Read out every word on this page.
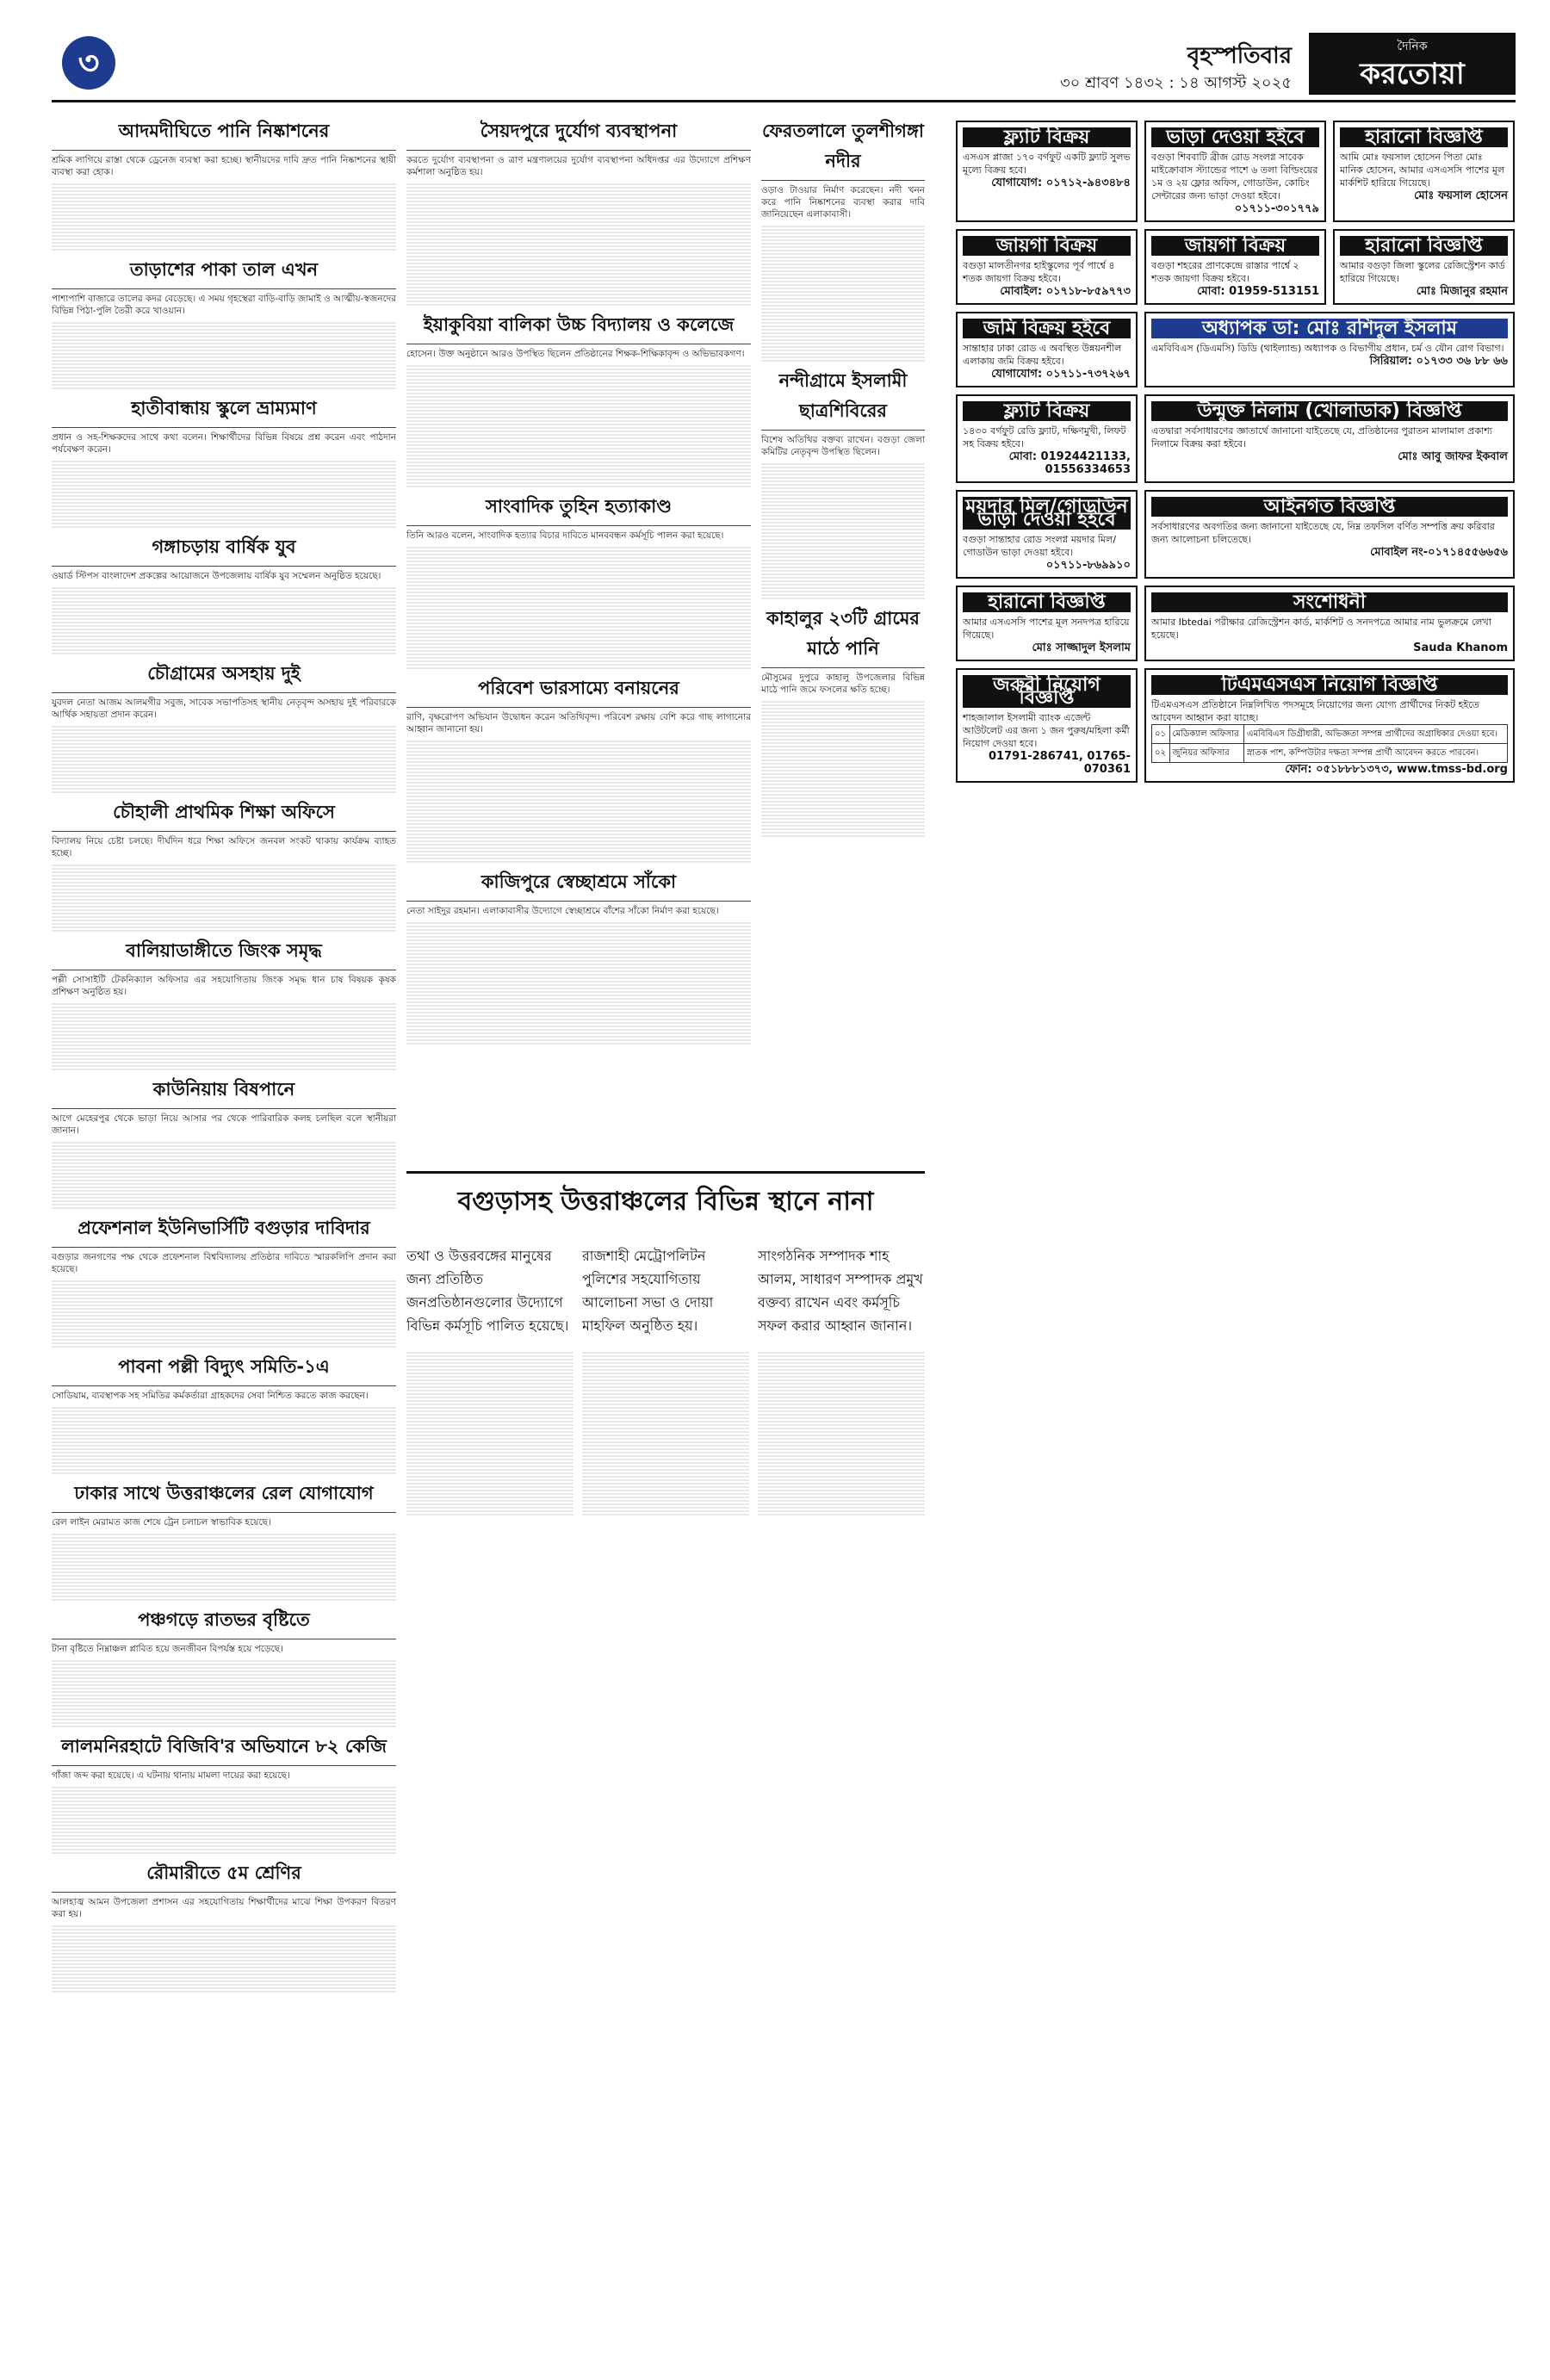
৩	বৃহস্পতিবার
৩০ শ্রাবণ ১৪৩২ : ১৪ আগস্ট ২০২৫
দৈনিক
করতোয়া
আদমদীঘিতে পানি নিষ্কাশনের

শ্রমিক লাগিয়ে রাস্তা থেকে ড্রেনেজ ব্যবস্থা করা হচ্ছে। স্থানীয়দের দাবি দ্রুত পানি নিষ্কাশনের স্থায়ী ব্যবস্থা করা হোক।

তাড়াশের পাকা তাল এখন

পাশাপাশি বাজারে তালের কদর বেড়েছে। এ সময় গৃহস্থেরা বাড়ি-বাড়ি জামাই ও আত্মীয়-স্বজনদের বিভিন্ন পিঠা-পুলি তৈরী করে খাওয়ান।

হাতীবান্ধায় স্কুলে ভ্রাম্যমাণ

প্রধান ও সহ-শিক্ষকদের সাথে কথা বলেন। শিক্ষার্থীদের বিভিন্ন বিষয়ে প্রশ্ন করেন এবং পাঠদান পর্যবেক্ষণ করেন।

গঙ্গাচড়ায় বার্ষিক যুব

ওয়ার্ড স্টিপস বাংলাদেশ প্রকল্পের আয়োজনে উপজেলায় বার্ষিক যুব সম্মেলন অনুষ্ঠিত হয়েছে।

চৌগ্রামের অসহায় দুই

যুবদল নেতা আজম আলমগীর সবুজ, সাবেক সভাপতিসহ স্থানীয় নেতৃবৃন্দ অসহায় দুই পরিবারকে আর্থিক সহায়তা প্রদান করেন।

চৌহালী প্রাথমিক শিক্ষা অফিসে

বিদ্যালয় নিয়ে চেষ্টা চলছে। দীর্ঘদিন ধরে শিক্ষা অফিসে জনবল সংকট থাকায় কার্যক্রম ব্যাহত হচ্ছে।

বালিয়াডাঙ্গীতে জিংক সমৃদ্ধ

পল্লী সোসাইটি টেকনিক্যাল অফিসার এর সহযোগিতায় জিংক সমৃদ্ধ ধান চাষ বিষয়ক কৃষক প্রশিক্ষণ অনুষ্ঠিত হয়।

কাউনিয়ায় বিষপানে

আগে মেহেরপুর থেকে ভাড়া নিয়ে আসার পর থেকে পারিবারিক কলহ চলছিল বলে স্থানীয়রা জানান।

প্রফেশনাল ইউনিভার্সিটি বগুড়ার দাবিদার

বগুড়ার জনগণের পক্ষ থেকে প্রফেশনাল বিশ্ববিদ্যালয় প্রতিষ্ঠার দাবিতে স্মারকলিপি প্রদান করা হয়েছে।

পাবনা পল্লী বিদ্যুৎ সমিতি-১এ

সোডিয়াম, ব্যবস্থাপক সহ সমিতির কর্মকর্তারা গ্রাহকদের সেবা নিশ্চিত করতে কাজ করছেন।

ঢাকার সাথে উত্তরাঞ্চলের রেল যোগাযোগ

রেল লাইন মেরামত কাজ শেষে ট্রেন চলাচল স্বাভাবিক হয়েছে।

পঞ্চগড়ে রাতভর বৃষ্টিতে

টানা বৃষ্টিতে নিম্নাঞ্চল প্লাবিত হয়ে জনজীবন বিপর্যস্ত হয়ে পড়েছে।

লালমনিরহাটে বিজিবি'র অভিযানে ৮২ কেজি

গাঁজা জব্দ করা হয়েছে। এ ঘটনায় থানায় মামলা দায়ের করা হয়েছে।

রৌমারীতে ৫ম শ্রেণির

আলহাজ্ব আমন উপজেলা প্রশাসন এর সহযোগিতায় শিক্ষার্থীদের মাঝে শিক্ষা উপকরণ বিতরণ করা হয়।

সৈয়দপুরে দুর্যোগ ব্যবস্থাপনা

করতে দুর্যোগ ব্যবস্থাপনা ও ত্রাণ মন্ত্রণালয়ের দুর্যোগ ব্যবস্থাপনা অধিদপ্তর এর উদ্যোগে প্রশিক্ষণ কর্মশালা অনুষ্ঠিত হয়।

ইয়াকুবিয়া বালিকা উচ্চ বিদ্যালয় ও কলেজে

হোসেন। উক্ত অনুষ্ঠানে আরও উপস্থিত ছিলেন প্রতিষ্ঠানের শিক্ষক-শিক্ষিকাবৃন্দ ও অভিভাবকগণ।

সাংবাদিক তুহিন হত্যাকাণ্ড

তিনি আরও বলেন, সাংবাদিক হত্যার বিচার দাবিতে মানববন্ধন কর্মসূচি পালন করা হয়েছে।

পরিবেশ ভারসাম্যে বনায়নের

রাণি, বৃক্ষরোপণ অভিযান উদ্বোধন করেন অতিথিবৃন্দ। পরিবেশ রক্ষায় বেশি করে গাছ লাগানোর আহ্বান জানানো হয়।

কাজিপুরে স্বেচ্ছাশ্রমে সাঁকো

নেতা সাইদুর রহমান। এলাকাবাসীর উদ্যোগে স্বেচ্ছাশ্রমে বাঁশের সাঁকো নির্মাণ করা হয়েছে।

ফেরতলালে তুলশীগঙ্গা নদীর

ওড়াও টাওয়ার নির্মাণ করেছেন। নদী খনন করে পানি নিষ্কাশনের ব্যবস্থা করার দাবি জানিয়েছেন এলাকাবাসী।

নন্দীগ্রামে ইসলামী ছাত্রশিবিরের

বিশেষ অতিথির বক্তব্য রাখেন। বগুড়া জেলা কমিটির নেতৃবৃন্দ উপস্থিত ছিলেন।

কাহালুর ২৩টি গ্রামের মাঠে পানি

মৌসুমের দুপুরে কাহালু উপজেলার বিভিন্ন মাঠে পানি জমে ফসলের ক্ষতি হচ্ছে।

বগুড়াসহ উত্তরাঞ্চলের বিভিন্ন স্থানে নানা

তথা ও উত্তরবঙ্গের মানুষের জন্য প্রতিষ্ঠিত জনপ্রতিষ্ঠানগুলোর উদ্যোগে বিভিন্ন কর্মসূচি পালিত হয়েছে।

রাজশাহী মেট্রোপলিটন পুলিশের সহযোগিতায় আলোচনা সভা ও দোয়া মাহফিল অনুষ্ঠিত হয়।

সাংগঠনিক সম্পাদক শাহ আলম, সাধারণ সম্পাদক প্রমুখ বক্তব্য রাখেন এবং কর্মসূচি সফল করার আহ্বান জানান।

ফ্ল্যাট বিক্রয়
এসএস প্লাজা ১৭০ বর্গফুট একটি ফ্ল্যাট সুলভ মূল্যে বিক্রয় হবে।
যোগাযোগ: ০১৭১২-৯৪৩৪৮৪
ভাড়া দেওয়া হইবে
বগুড়া শিববাটি ব্রীজ রোড সংলগ্ন সাবেক মাইক্রোবাস স্ট্যান্ডের পাশে ৬ তলা বিল্ডিংয়ের ১ম ও ২য় ফ্লোর অফিস, গোডাউন, কোচিং সেন্টারের জন্য ভাড়া দেওয়া হইবে।
০১৭১১-৩০১৭৭৯
হারানো বিজ্ঞপ্তি
আমি মোঃ ফয়সাল হোসেন পিতা মোঃ মানিক হোসেন, আমার এসএসসি পাশের মূল মার্কশিট হারিয়ে গিয়েছে।
মোঃ ফয়সাল হোসেন
জায়গা বিক্রয়
বগুড়া মালতীনগর হাইস্কুলের পূর্ব পার্শ্বে ৪ শতক জায়গা বিক্রয় হইবে।
মোবাইল: ০১৭১৮-৮৫৯৭৭৩
জায়গা বিক্রয়
বগুড়া শহরের প্রাণকেন্দ্রে রাস্তার পার্শ্বে ২ শতক জায়গা বিক্রয় হইবে।
মোবা: 01959-513151
হারানো বিজ্ঞপ্তি
আমার বগুড়া জিলা স্কুলের রেজিস্ট্রেশন কার্ড হারিয়ে গিয়েছে।
মোঃ মিজানুর রহমান
জমি বিক্রয় হইবে
সান্তাহার ঢাকা রোড এ অবস্থিত উন্নয়নশীল এলাকায় জমি বিক্রয় হইবে।
যোগাযোগ: ০১৭১১-৭৩৭২৬৭
অধ্যাপক ডা: মোঃ রশিদুল ইসলাম
এমবিবিএস (ডিএমসি) ডিডি (থাইল্যান্ড) অধ্যাপক ও বিভাগীয় প্রধান, চর্ম ও যৌন রোগ বিভাগ।
সিরিয়াল: ০১৭৩৩ ৩৬ ৮৮ ৬৬
ফ্ল্যাট বিক্রয়
১৪৩০ বর্গফুট রেডি ফ্ল্যাট, দক্ষিণমুখী, লিফট সহ বিক্রয় হইবে।
মোবা: 01924421133, 01556334653
উন্মুক্ত নিলাম (খোলাডাক) বিজ্ঞপ্তি
এতদ্বারা সর্বসাধারণের জ্ঞাতার্থে জানানো যাইতেছে যে, প্রতিষ্ঠানের পুরাতন মালামাল প্রকাশ্য নিলামে বিক্রয় করা হইবে।
মোঃ আবু জাফর ইকবাল
ময়দার মিল/গোডাউন ভাড়া দেওয়া হইবে
বগুড়া সান্তাহার রোড সংলগ্ন ময়দার মিল/গোডাউন ভাড়া দেওয়া হইবে।
০১৭১১-৮৬৯৯১০
আইনগত বিজ্ঞপ্তি
সর্বসাধারণের অবগতির জন্য জানানো যাইতেছে যে, নিম্ন তফসিল বর্ণিত সম্পত্তি ক্রয় করিবার জন্য আলোচনা চলিতেছে।
মোবাইল নং-০১৭১৪৫৫৬৬৫৬
হারানো বিজ্ঞপ্তি
আমার এসএসসি পাশের মূল সনদপত্র হারিয়ে গিয়েছে।
মোঃ সাজ্জাদুল ইসলাম
সংশোধনী
আমার Ibtedai পরীক্ষার রেজিস্ট্রেশন কার্ড, মার্কশিট ও সনদপত্রে আমার নাম ভুলক্রমে লেখা হয়েছে।
Sauda Khanom
জরুরী নিয়োগ বিজ্ঞপ্তি
শাহজালাল ইসলামী ব্যাংক এজেন্ট আউটলেট এর জন্য ১ জন পুরুষ/মহিলা কর্মী নিয়োগ দেওয়া হবে।
01791-286741, 01765-070361
টিএমএসএস নিয়োগ বিজ্ঞপ্তি
টিএমএসএস প্রতিষ্ঠানে নিম্নলিখিত পদসমূহে নিয়োগের জন্য যোগ্য প্রার্থীদের নিকট হইতে আবেদন আহ্বান করা যাচ্ছে।
০১	মেডিক্যাল অফিসার	এমবিবিএস ডিগ্রীধারী, অভিজ্ঞতা সম্পন্ন প্রার্থীদের অগ্রাধিকার দেওয়া হবে।
০২	জুনিয়র অফিসার	স্নাতক পাশ, কম্পিউটার দক্ষতা সম্পন্ন প্রার্থী আবেদন করতে পারবেন।
ফোন: ০৫১৮৮৮১৩৭৩, www.tmss-bd.org
